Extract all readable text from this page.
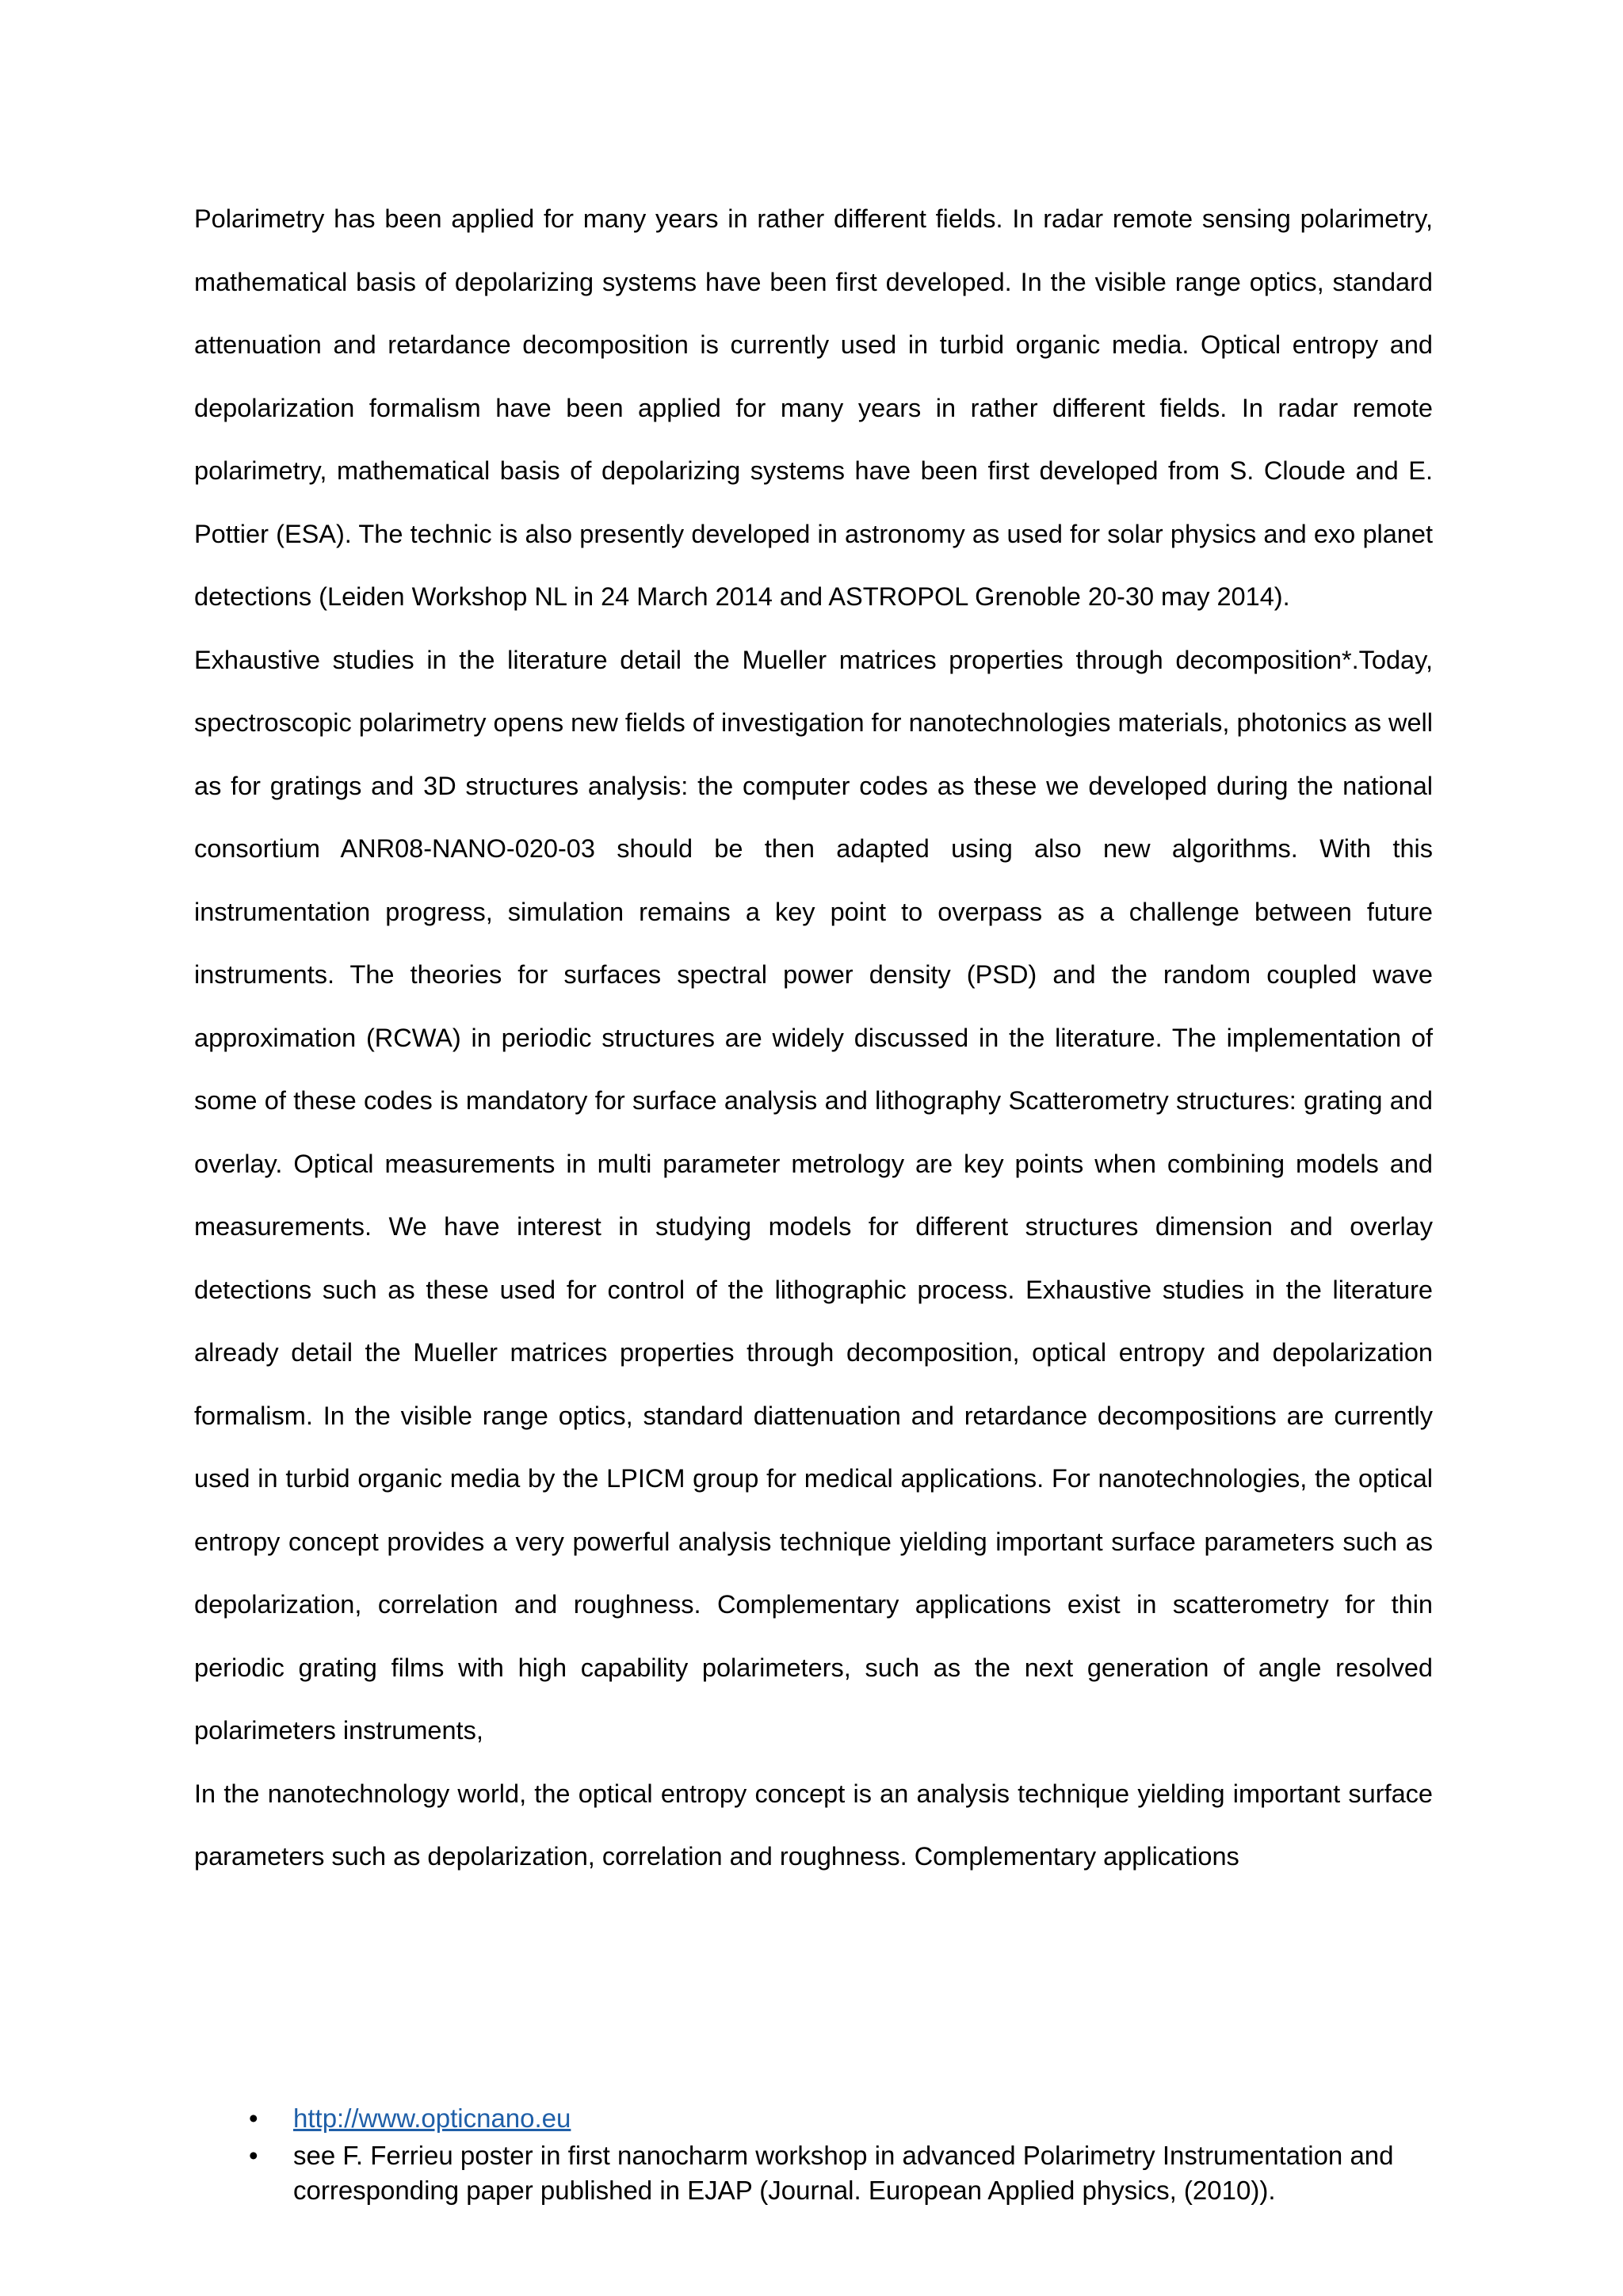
Polarimetry has been applied for many years in rather different fields. In radar remote sensing polarimetry, mathematical basis of depolarizing systems have been first developed. In the visible range optics, standard attenuation and retardance decomposition is currently used in turbid organic media. Optical entropy and depolarization formalism have been applied for many years in rather different fields. In radar remote polarimetry, mathematical basis of depolarizing systems have been first developed from S. Cloude and E. Pottier (ESA). The technic is also presently developed in astronomy as used for solar physics and exo planet detections (Leiden Workshop NL in 24 March 2014 and ASTROPOL Grenoble 20-30 may 2014).

Exhaustive studies in the literature detail the Mueller matrices properties through decomposition*.Today, spectroscopic polarimetry opens new fields of investigation for nanotechnologies materials, photonics as well as for gratings and 3D structures analysis: the computer codes as these we developed during the national consortium ANR08-NANO-020-03 should be then adapted using also new algorithms. With this instrumentation progress, simulation remains a key point to overpass as a challenge between future instruments. The theories for surfaces spectral power density (PSD) and the random coupled wave approximation (RCWA) in periodic structures are widely discussed in the literature. The implementation of some of these codes is mandatory for surface analysis and lithography Scatterometry structures: grating and overlay. Optical measurements in multi parameter metrology are key points when combining models and measurements. We have interest in studying models for different structures dimension and overlay detections such as these used for control of the lithographic process. Exhaustive studies in the literature already detail the Mueller matrices properties through decomposition, optical entropy and depolarization formalism. In the visible range optics, standard diattenuation and retardance decompositions are currently used in turbid organic media by the LPICM group for medical applications. For nanotechnologies, the optical entropy concept provides a very powerful analysis technique yielding important surface parameters such as depolarization, correlation and roughness. Complementary applications exist in scatterometry for thin periodic grating films with high capability polarimeters, such as the next generation of angle resolved polarimeters instruments,

In the nanotechnology world, the optical entropy concept is an analysis technique yielding important surface parameters such as depolarization, correlation and roughness. Complementary applications

• http://www.opticnano.eu
• see F. Ferrieu poster in first nanocharm workshop in advanced Polarimetry Instrumentation and corresponding paper published in EJAP (Journal. European Applied physics, (2010)).
